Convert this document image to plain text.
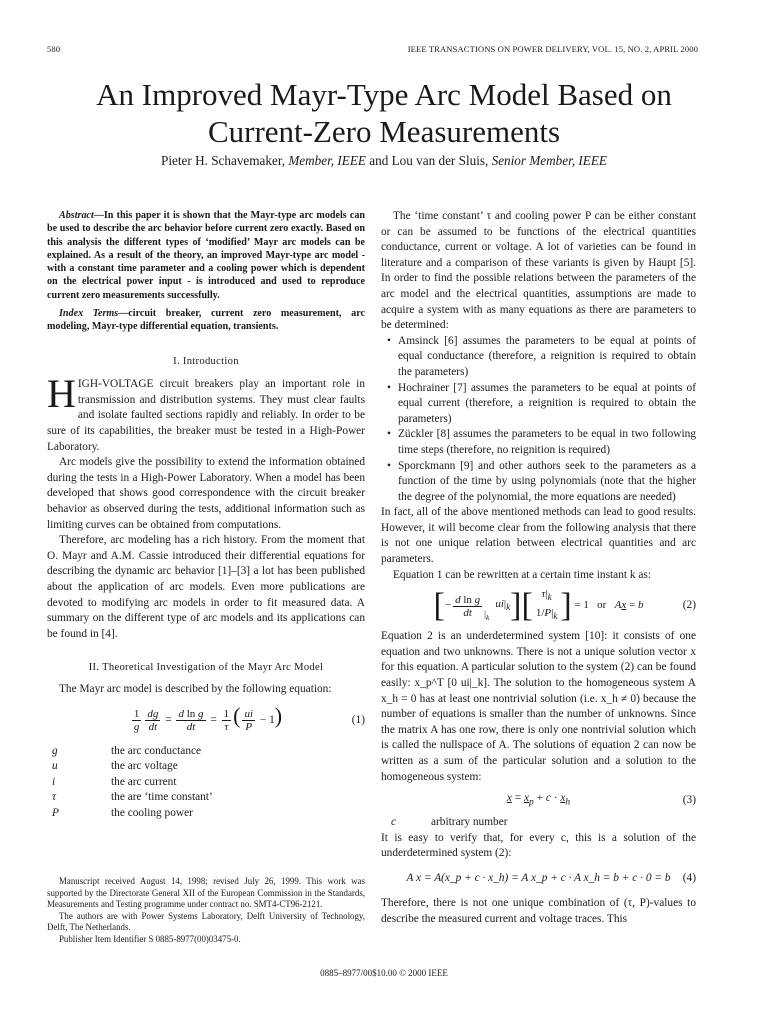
580	IEEE TRANSACTIONS ON POWER DELIVERY, VOL. 15, NO. 2, APRIL 2000
An Improved Mayr-Type Arc Model Based on
Current-Zero Measurements
Pieter H. Schavemaker, Member, IEEE and Lou van der Sluis, Senior Member, IEEE

Abstract—In this paper it is shown that the Mayr-type arc models can be used to describe the arc behavior before current zero exactly. Based on this analysis the different types of ‘modified’ Mayr arc models can be explained. As a result of the theory, an improved Mayr-type arc model - with a constant time parameter and a cooling power which is dependent on the electrical power input - is introduced and used to reproduce current zero measurements successfully.

Index Terms—circuit breaker, current zero measurement, arc modeling, Mayr-type differential equation, transients.

I. Introduction

HIGH-VOLTAGE circuit breakers play an important role in transmission and distribution systems. They must clear faults and isolate faulted sections rapidly and reliably. In order to be sure of its capabilities, the breaker must be tested in a High-Power Laboratory.

Arc models give the possibility to extend the information obtained during the tests in a High-Power Laboratory. When a model has been developed that shows good correspondence with the circuit breaker behavior as observed during the tests, additional information such as limiting curves can be obtained from computations.

Therefore, arc modeling has a rich history. From the moment that O. Mayr and A.M. Cassie introduced their differential equations for describing the dynamic arc behavior [1]–[3] a lot has been published about the application of arc models. Even more publications are devoted to modifying arc models in order to fit measured data. A summary on the different type of arc models and its applications can be found in [4].

II. Theoretical Investigation of the Mayr Arc Model

The Mayr arc model is described by the following equation:

$\frac{1}{g} \frac{dg}{dt} = \frac{\text{d ln g}}{dt} = \frac{1}{\tau}$ ( $\frac{ui}{P} - 1$)	(1)
g	the arc conductance
u	the arc voltage
i	the arc current
τ	the are ‘time constant’
P	the cooling power

Manuscript received August 14, 1998; revised July 26, 1999. This work was supported by the Directorate General XII of the European Commission in the Standards, Measurements and Testing programme under contract no. SMT4-CT96-2121.

The authors are with Power Systems Laboratory, Delft University of Technology, Delft, The Netherlands.

Publisher Item Identifier S 0885-8977(00)03475-0.

The ‘time constant’ τ and cooling power P can be either constant or can be assumed to be functions of the electrical quantities conductance, current or voltage. A lot of varieties can be found in literature and a comparison of these variants is given by Haupt [5]. In order to find the possible relations between the parameters of the arc model and the electrical quantities, assumptions are made to acquire a system with as many equations as there are parameters to be determined:

• Amsinck [6] assumes the parameters to be equal at points of equal conductance (therefore, a reignition is required to obtain the parameters)
• Hochrainer [7] assumes the parameters to be equal at points of equal current (therefore, a reignition is required to obtain the parameters)
• Zückler [8] assumes the parameters to be equal in two following time steps (therefore, no reignition is required)
• Sporckmann [9] and other authors seek to the parameters as a function of the time by using polynomials (note that the higher the degree of the polynomial, the more equations are needed)

In fact, all of the above mentioned methods can lead to good results. However, it will become clear from the following analysis that there is not one unique relation between electrical quantities and arc parameters.

Equation 1 can be rewritten at a certain time instant k as:

[ − $\frac{\text{d ln g}}{dt} |_k$
$ui|_k$ ] [ $\tau|_k$
$1/P|_k$ ] = 1   or   Ax = b	(2)

Equation 2 is an underdetermined system [10]: it consists of one equation and two unknowns. There is not a unique solution vector x for this equation. A particular solution to the system (2) can be found easily: x_p^T [0 ui|_k]. The solution to the homogeneous system A x_h = 0 has at least one nontrivial solution (i.e. x_h ≠ 0) because the number of equations is smaller than the number of unknowns. Since the matrix A has one row, there is only one nontrivial solution which is called the nullspace of A. The solutions of equation 2 can now be written as a sum of the particular solution and a solution to the homogeneous system:

$x = x_p + c \cdot x_h$	(3)
c	arbitrary number

It is easy to verify that, for every c, this is a solution of the underdetermined system (2):

A x = A(x_p + c · x_h) = A x_p + c · A x_h = b + c · 0 = b (4)

Therefore, there is not one unique combination of (τ, P)-values to describe the measured current and voltage traces. This

0885–8977/00$10.00 © 2000 IEEE
